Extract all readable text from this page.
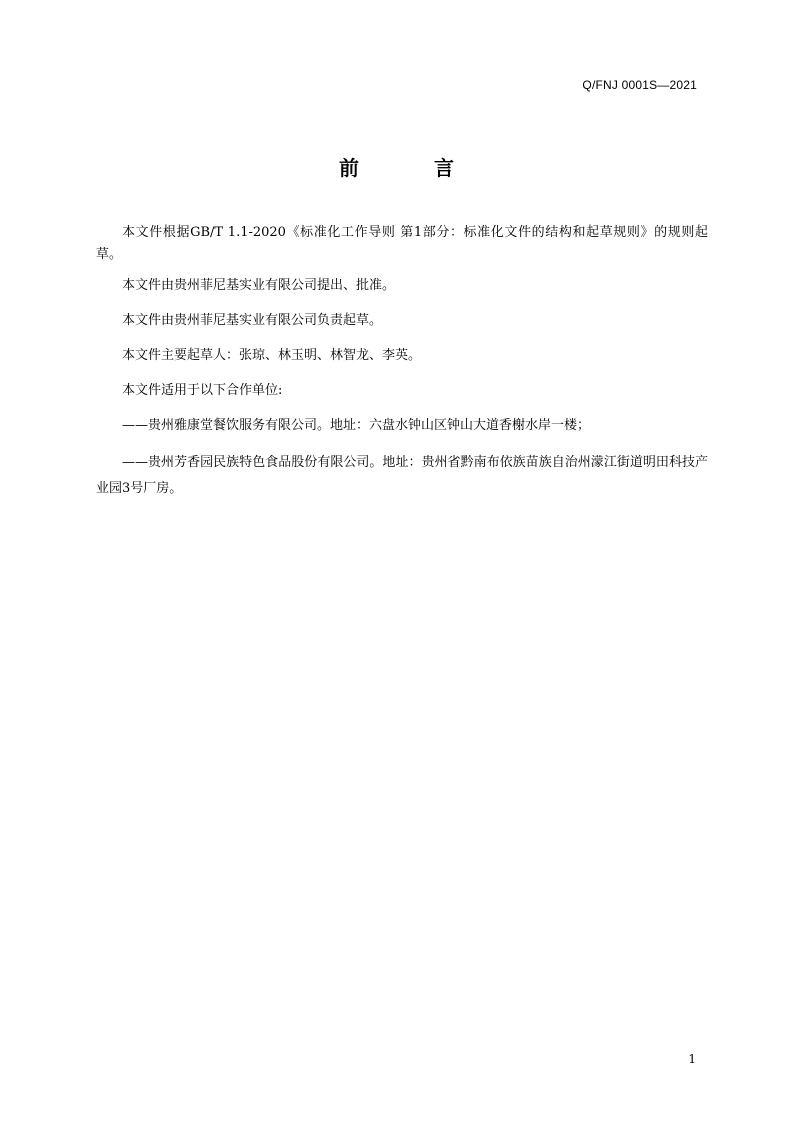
Q/FNJ 0001S—2021
前 言

本文件根据GB/T 1.1-2020《标准化工作导则 第1部分：标准化文件的结构和起草规则》的规则起草。

本文件由贵州菲尼基实业有限公司提出、批准。

本文件由贵州菲尼基实业有限公司负责起草。

本文件主要起草人：张琼、林玉明、林智龙、李英。

本文件适用于以下合作单位:

——贵州雅康堂餐饮服务有限公司。地址：六盘水钟山区钟山大道香榭水岸一楼；

——贵州芳香园民族特色食品股份有限公司。地址：贵州省黔南布依族苗族自治州濛江街道明田科技产业园3号厂房。

1
